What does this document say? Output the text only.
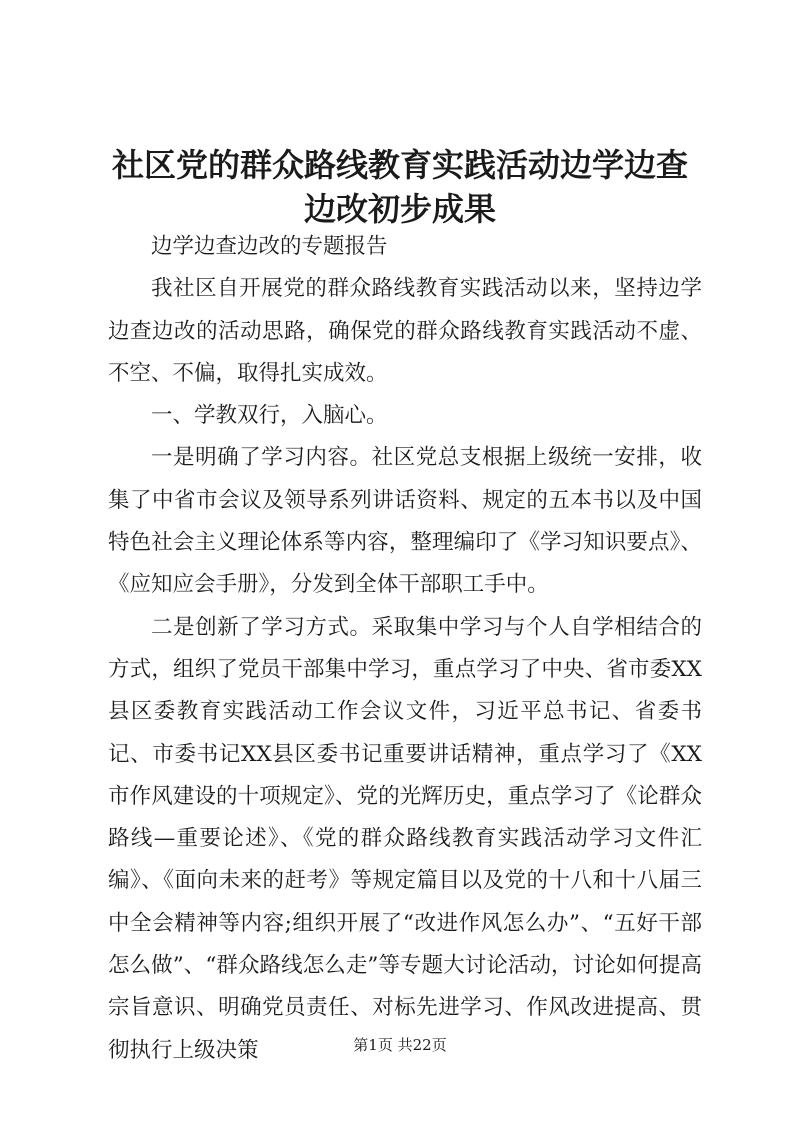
社区党的群众路线教育实践活动边学边查边改初步成果

边学边查边改的专题报告

我社区自开展党的群众路线教育实践活动以来，坚持边学边查边改的活动思路，确保党的群众路线教育实践活动不虚、不空、不偏，取得扎实成效。

一、学教双行，入脑心。

一是明确了学习内容。社区党总支根据上级统一安排，收集了中省市会议及领导系列讲话资料、规定的五本书以及中国特色社会主义理论体系等内容，整理编印了《学习知识要点》、《应知应会手册》，分发到全体干部职工手中。

二是创新了学习方式。采取集中学习与个人自学相结合的方式，组织了党员干部集中学习，重点学习了中央、省市委XX县区委教育实践活动工作会议文件，习近平总书记、省委书记、市委书记XX县区委书记重要讲话精神，重点学习了《XX市作风建设的十项规定》、党的光辉历史，重点学习了《论群众路线—重要论述》、《党的群众路线教育实践活动学习文件汇编》、《面向未来的赶考》等规定篇目以及党的十八和十八届三中全会精神等内容;组织开展了“改进作风怎么办”、“五好干部怎么做”、“群众路线怎么走”等专题大讨论活动，讨论如何提高宗旨意识、明确党员责任、对标先进学习、作风改进提高、贯彻执行上级决策	第1页 共22页
